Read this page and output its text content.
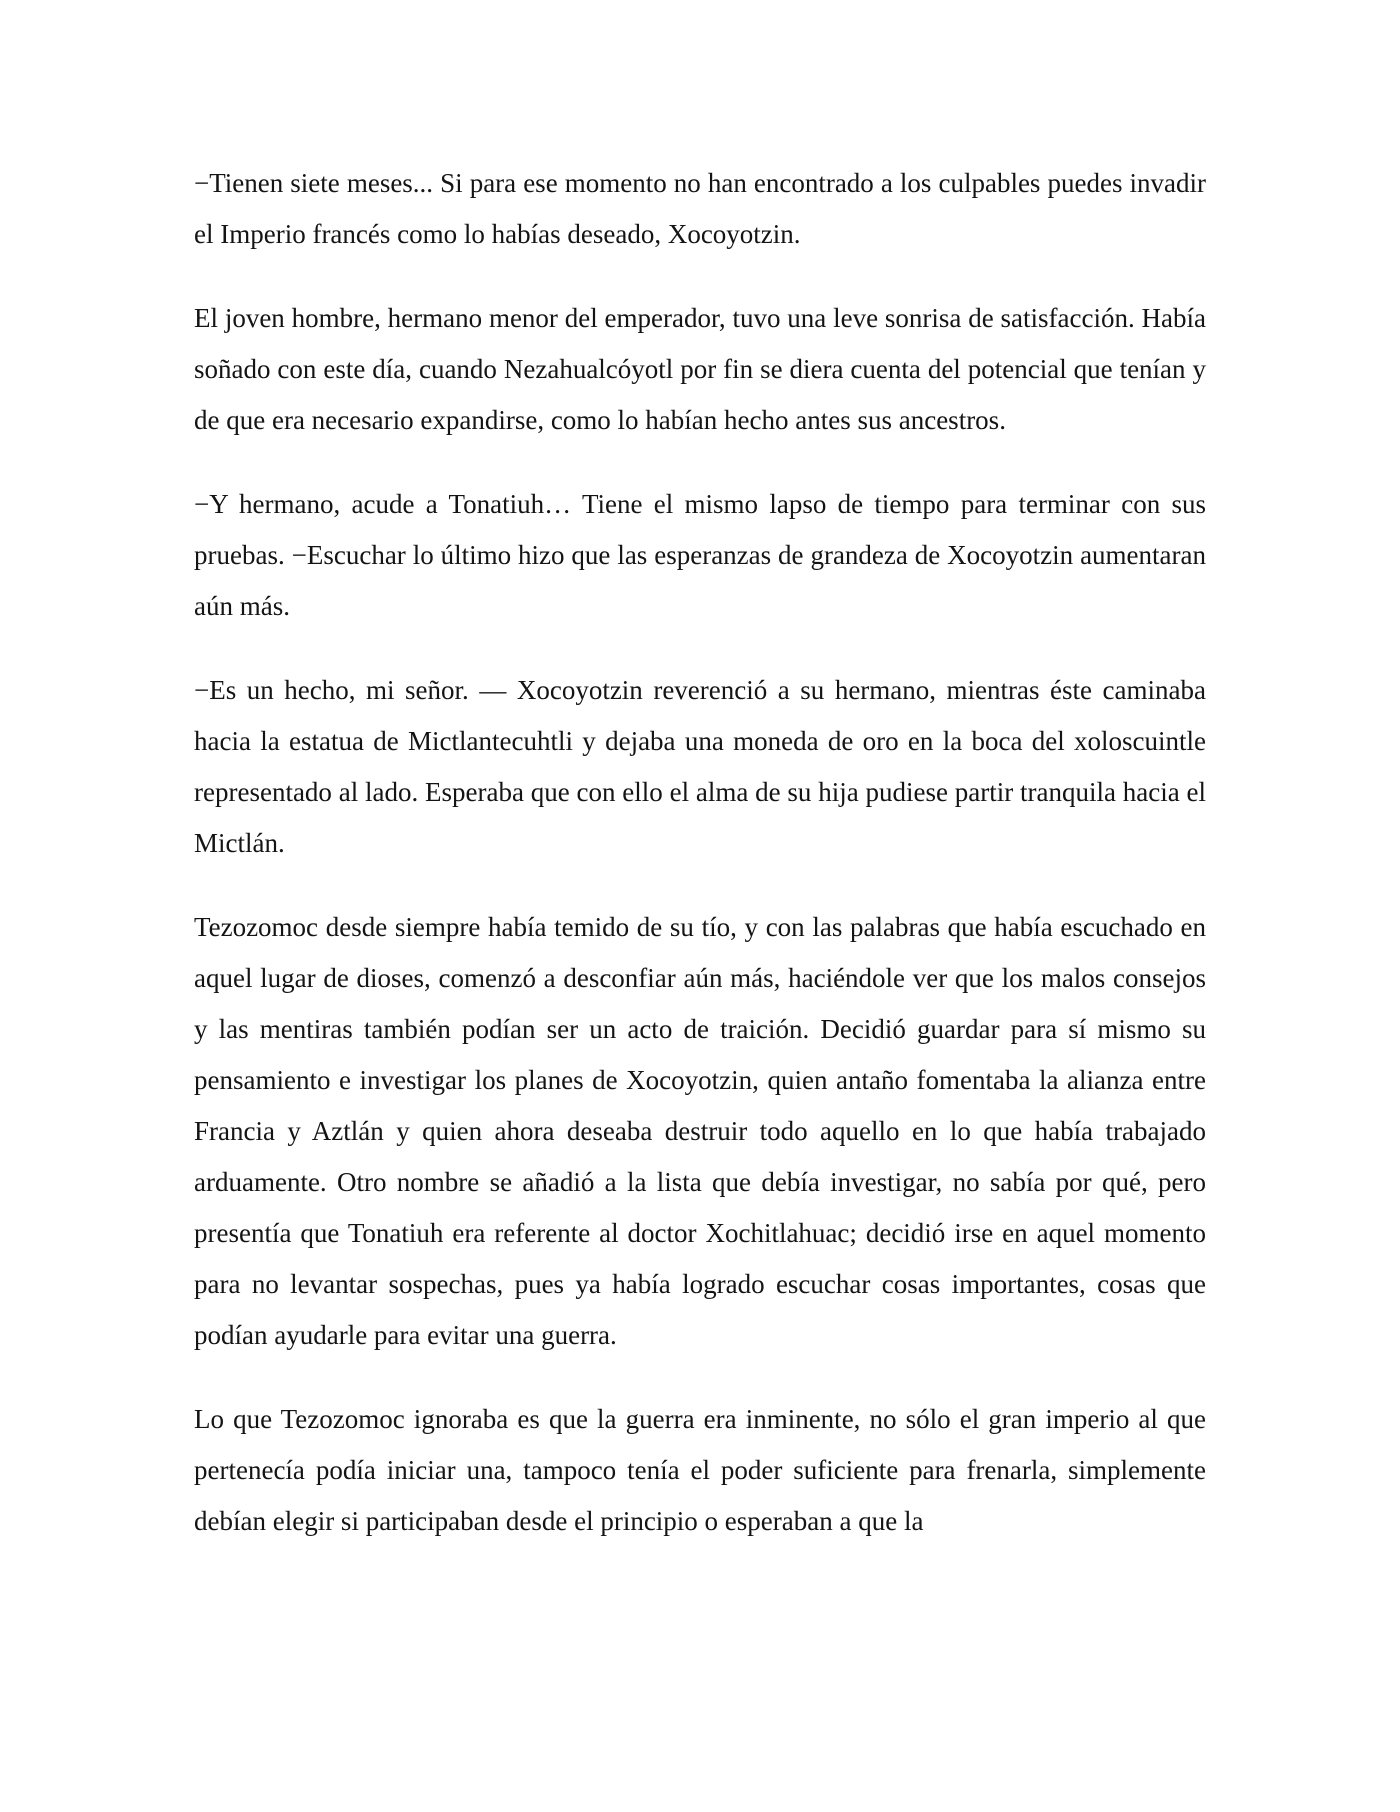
−Tienen siete meses... Si para ese momento no han encontrado a los culpables puedes invadir el Imperio francés como lo habías deseado, Xocoyotzin.

El joven hombre, hermano menor del emperador, tuvo una leve sonrisa de satisfacción. Había soñado con este día, cuando Nezahualcóyotl por fin se diera cuenta del potencial que tenían y de que era necesario expandirse, como lo habían hecho antes sus ancestros.

−Y hermano, acude a Tonatiuh… Tiene el mismo lapso de tiempo para terminar con sus pruebas. −Escuchar lo último hizo que las esperanzas de grandeza de Xocoyotzin aumentaran aún más.

−Es un hecho, mi señor. — Xocoyotzin reverenció a su hermano, mientras éste caminaba hacia la estatua de Mictlantecuhtli y dejaba una moneda de oro en la boca del xoloscuintle representado al lado. Esperaba que con ello el alma de su hija pudiese partir tranquila hacia el Mictlán.

Tezozomoc desde siempre había temido de su tío, y con las palabras que había escuchado en aquel lugar de dioses, comenzó a desconfiar aún más, haciéndole ver que los malos consejos y las mentiras también podían ser un acto de traición. Decidió guardar para sí mismo su pensamiento e investigar los planes de Xocoyotzin, quien antaño fomentaba la alianza entre Francia y Aztlán y quien ahora deseaba destruir todo aquello en lo que había trabajado arduamente. Otro nombre se añadió a la lista que debía investigar, no sabía por qué, pero presentía que Tonatiuh era referente al doctor Xochitlahuac; decidió irse en aquel momento para no levantar sospechas, pues ya había logrado escuchar cosas importantes, cosas que podían ayudarle para evitar una guerra.

Lo que Tezozomoc ignoraba es que la guerra era inminente, no sólo el gran imperio al que pertenecía podía iniciar una, tampoco tenía el poder suficiente para frenarla, simplemente debían elegir si participaban desde el principio o esperaban a que la
